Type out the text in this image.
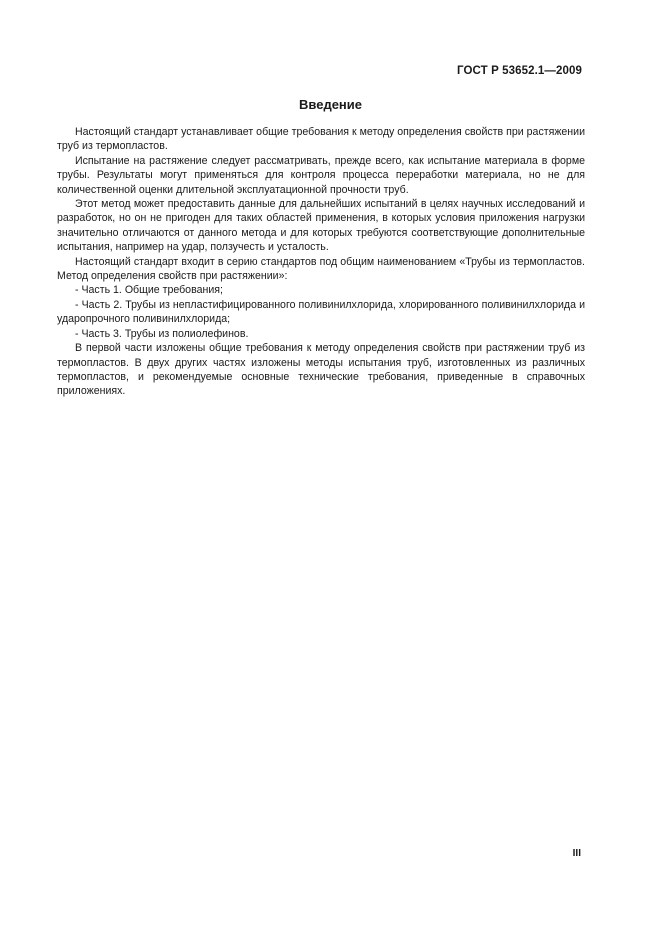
ГОСТ Р 53652.1—2009
Введение

Настоящий стандарт устанавливает общие требования к методу определения свойств при растяжении труб из термопластов.

Испытание на растяжение следует рассматривать, прежде всего, как испытание материала в форме трубы. Результаты могут применяться для контроля процесса переработки материала, но не для количественной оценки длительной эксплуатационной прочности труб.

Этот метод может предоставить данные для дальнейших испытаний в целях научных исследований и разработок, но он не пригоден для таких областей применения, в которых условия приложения нагрузки значительно отличаются от данного метода и для которых требуются соответствующие дополнительные испытания, например на удар, ползучесть и усталость.

Настоящий стандарт входит в серию стандартов под общим наименованием «Трубы из термопластов. Метод определения свойств при растяжении»:

- Часть 1. Общие требования;

- Часть 2. Трубы из непластифицированного поливинилхлорида, хлорированного поливинилхлорида и ударопрочного поливинилхлорида;

- Часть 3. Трубы из полиолефинов.

В первой части изложены общие требования к методу определения свойств при растяжении труб из термопластов. В двух других частях изложены методы испытания труб, изготовленных из различных термопластов, и рекомендуемые основные технические требования, приведенные в справочных приложениях.

III
